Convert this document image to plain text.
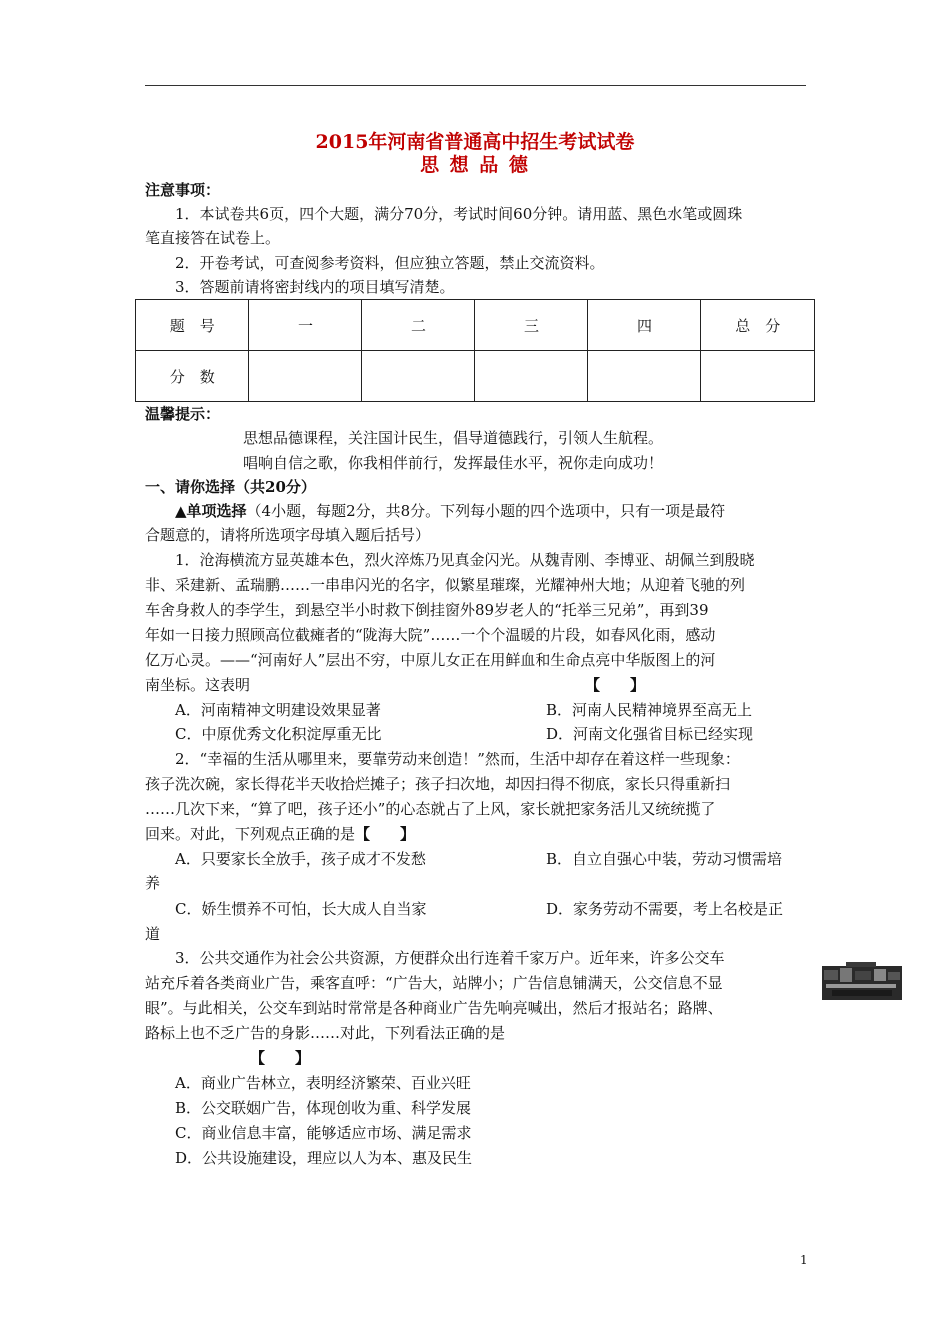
2015年河南省普通高中招生考试试卷
思 想 品 德
注意事项：
1．本试卷共6页，四个大题，满分70分，考试时间60分钟。请用蓝、黑色水笔或圆珠
笔直接答在试卷上。
2．开卷考试，可查阅参考资料，但应独立答题，禁止交流资料。
3．答题前请将密封线内的项目填写清楚。
题　号	一	二	三	四	总　分
分　数					
温馨提示：
思想品德课程，关注国计民生，倡导道德践行，引领人生航程。
唱响自信之歌，你我相伴前行，发挥最佳水平，祝你走向成功！
一、请你选择（共20分）
▲单项选择（4小题，每题2分，共8分。下列每小题的四个选项中，只有一项是最符
合题意的，请将所选项字母填入题后括号）
1．沧海横流方显英雄本色，烈火淬炼乃见真金闪光。从魏青刚、李博亚、胡佩兰到殷晓
非、采建新、孟瑞鹏……一串串闪光的名字，似繁星璀璨，光耀神州大地；从迎着飞驰的列
车舍身救人的李学生，到悬空半小时救下倒挂窗外89岁老人的“托举三兄弟”，再到39
年如一日接力照顾高位截瘫者的“陇海大院”……一个个温暖的片段，如春风化雨，感动
亿万心灵。——“河南好人”层出不穷，中原儿女正在用鲜血和生命点亮中华版图上的河
南坐标。这表明	【　　】
A．河南精神文明建设效果显著	B．河南人民精神境界至高无上
C．中原优秀文化积淀厚重无比	D．河南文化强省目标已经实现
2．“幸福的生活从哪里来，要靠劳动来创造！”然而，生活中却存在着这样一些现象：
孩子洗次碗，家长得花半天收拾烂摊子；孩子扫次地，却因扫得不彻底，家长只得重新扫
……几次下来，“算了吧，孩子还小”的心态就占了上风，家长就把家务活儿又统统揽了
回来。对此，下列观点正确的是【　　】
A．只要家长全放手，孩子成才不发愁	B．自立自强心中装，劳动习惯需培
养
C．娇生惯养不可怕，长大成人自当家	D．家务劳动不需要，考上名校是正
道
3．公共交通作为社会公共资源，方便群众出行连着千家万户。近年来，许多公交车
站充斥着各类商业广告，乘客直呼：“广告大，站牌小；广告信息铺满天，公交信息不显
眼”。与此相关，公交车到站时常常是各种商业广告先响亮喊出，然后才报站名；路牌、
路标上也不乏广告的身影……对此，下列看法正确的是
【　　】
A．商业广告林立，表明经济繁荣、百业兴旺
B．公交联姻广告，体现创收为重、科学发展
C．商业信息丰富，能够适应市场、满足需求
D．公共设施建设，理应以人为本、惠及民生
1
